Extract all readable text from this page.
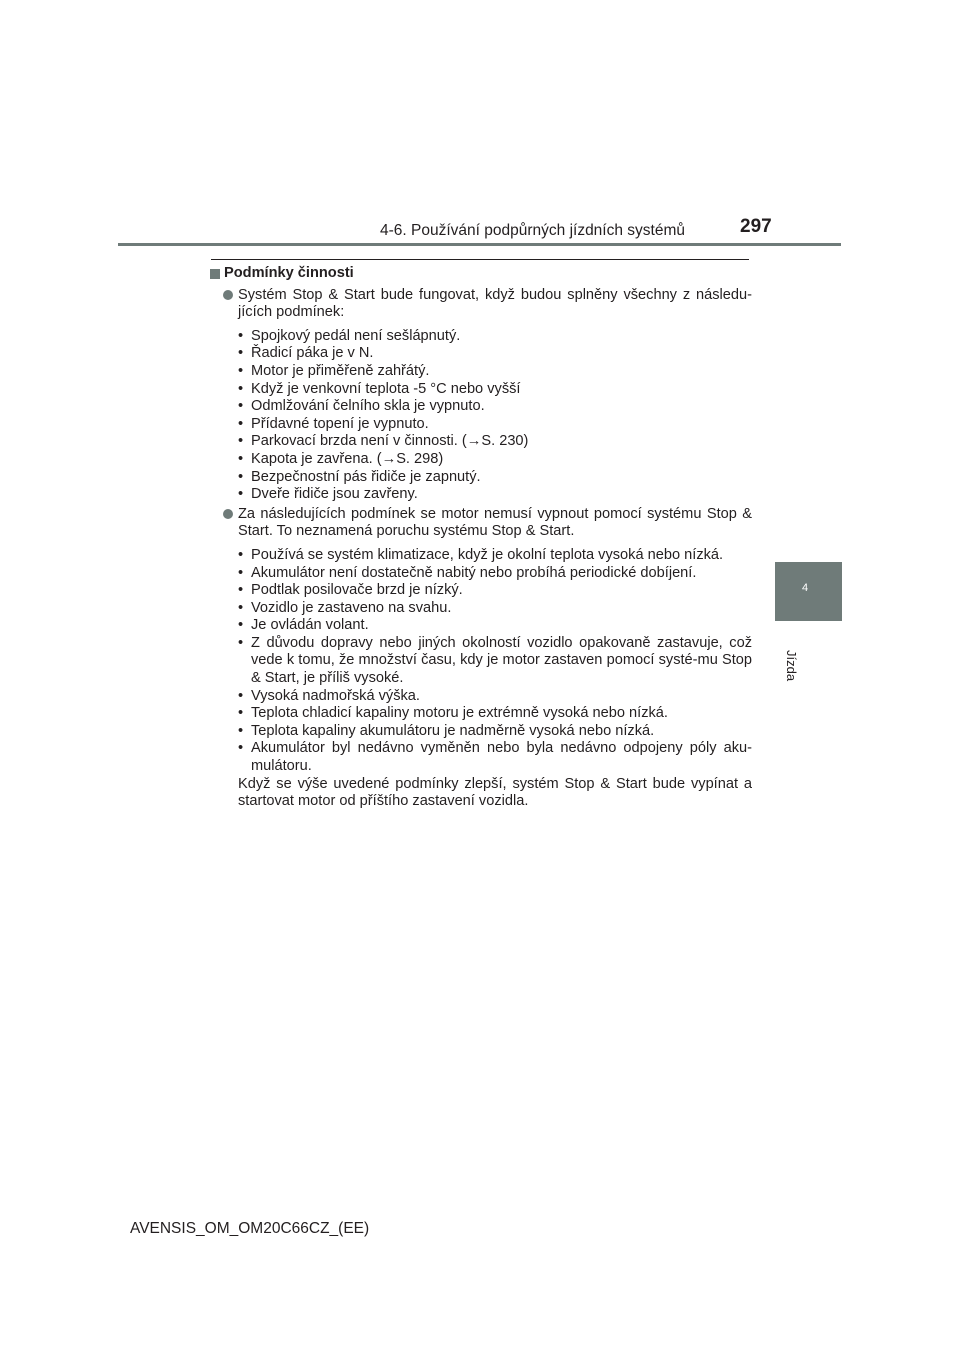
4-6. Používání podpůrných jízdních systémů	297
4
Jízda
Podmínky činnosti
Systém Stop & Start bude fungovat, když budou splněny všechny z následu-jících podmínek:
• Spojkový pedál není sešlápnutý.
• Řadicí páka je v N.
• Motor je přiměřeně zahřátý.
• Když je venkovní teplota -5 °C nebo vyšší
• Odmlžování čelního skla je vypnuto.
• Přídavné topení je vypnuto.
• Parkovací brzda není v činnosti. (→S. 230)
• Kapota je zavřena. (→S. 298)
• Bezpečnostní pás řidiče je zapnutý.
• Dveře řidiče jsou zavřeny.
Za následujících podmínek se motor nemusí vypnout pomocí systému Stop & Start. To neznamená poruchu systému Stop & Start.
• Používá se systém klimatizace, když je okolní teplota vysoká nebo nízká.
• Akumulátor není dostatečně nabitý nebo probíhá periodické dobíjení.
• Podtlak posilovače brzd je nízký.
• Vozidlo je zastaveno na svahu.
• Je ovládán volant.
• Z důvodu dopravy nebo jiných okolností vozidlo opakovaně zastavuje, což vede k tomu, že množství času, kdy je motor zastaven pomocí systé-mu Stop & Start, je příliš vysoké.
• Vysoká nadmořská výška.
• Teplota chladicí kapaliny motoru je extrémně vysoká nebo nízká.
• Teplota kapaliny akumulátoru je nadměrně vysoká nebo nízká.
• Akumulátor byl nedávno vyměněn nebo byla nedávno odpojeny póly aku-mulátoru.
Když se výše uvedené podmínky zlepší, systém Stop & Start bude vypínat a startovat motor od příštího zastavení vozidla.
AVENSIS_OM_OM20C66CZ_(EE)
